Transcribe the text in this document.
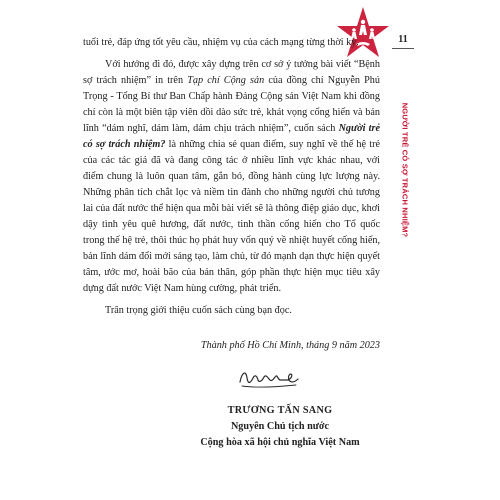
11
NGƯỜI TRẺ CÓ SỢ TRÁCH NHIỆM?

tuổi trẻ, đáp ứng tốt yêu cầu, nhiệm vụ của cách mạng từng thời kỳ.

Với hướng đi đó, được xây dựng trên cơ sở ý tưởng bài viết “Bệnh sợ trách nhiệm” in trên Tạp chí Cộng sản của đồng chí Nguyễn Phú Trọng - Tổng Bí thư Ban Chấp hành Đảng Cộng sản Việt Nam khi đồng chí còn là một biên tập viên dồi dào sức trẻ, khát vọng cống hiến và bản lĩnh “dám nghĩ, dám làm, dám chịu trách nhiệm”, cuốn sách Người trẻ có sợ trách nhiệm? là những chia sẻ quan điểm, suy nghĩ về thế hệ trẻ của các tác giả đã và đang công tác ở nhiều lĩnh vực khác nhau, với điểm chung là luôn quan tâm, gắn bó, đồng hành cùng lực lượng này. Những phân tích chắt lọc và niềm tin đành cho những người chủ tương lai của đất nước thể hiện qua mỗi bài viết sẽ là thông điệp giáo dục, khơi dậy tình yêu quê hương, đất nước, tinh thần cống hiến cho Tổ quốc trong thế hệ trẻ, thôi thúc họ phát huy vốn quý về nhiệt huyết cống hiến, bản lĩnh dám đổi mới sáng tạo, làm chủ, từ đó mạnh dạn thực hiện quyết tâm, ước mơ, hoài bão của bản thân, góp phần thực hiện mục tiêu xây dựng đất nước Việt Nam hùng cường, phát triển.

Trân trọng giới thiệu cuốn sách cùng bạn đọc.

Thành phố Hồ Chí Minh, tháng 9 năm 2023
TRƯƠNG TẤN SANG
Nguyên Chủ tịch nước
Cộng hòa xã hội chủ nghĩa Việt Nam
